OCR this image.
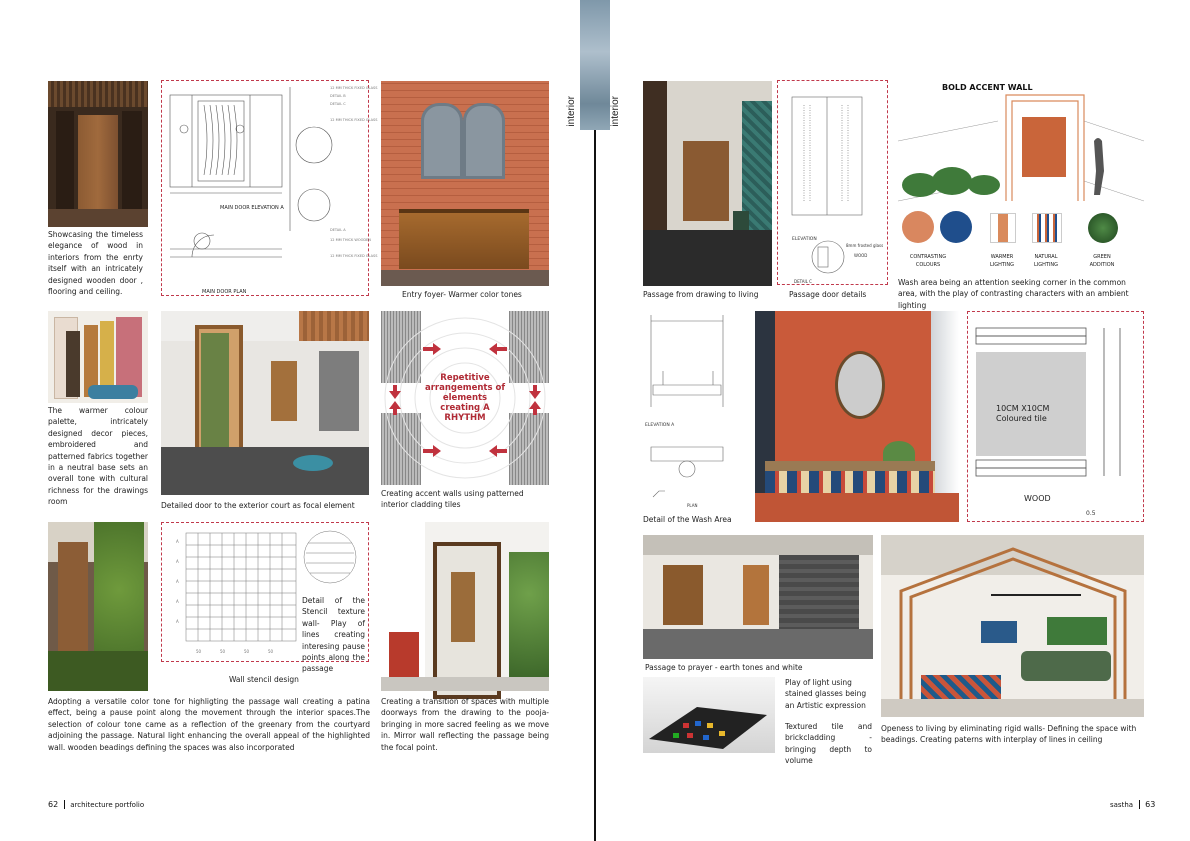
interior	interior
Showcasing the timeless elegance of wood in interiors from the enrty itself with an intricately designed wooden door , flooring and ceiling.
12 MM THICK FIXED GLASS
DETAIL B
DETAIL C
12 MM THICK FIXED GLASS
DETAIL A
12 MM THICK WOODEN
12 MM THICK FIXED GLASS
MAIN DOOR ELEVATION A
MAIN DOOR PLAN	Entry foyer- Warmer color tones
The warmer colour palette, intricately designed decor pieces, embroidered and patterned fabrics together in a neutral base sets an overall tone with cultural richness for the drawings room	Detailed door to the exterior court as focal element
Repetitive arrangements of elements creating A RHYTHM
Creating accent walls using patterned interior cladding tiles
A
A
A
A
A
50	50	50	50
Detail of the Stencil texture wall- Play of lines creating interesing pause points along the passage
Wall stencil design
Adopting a versatile color tone for highligting the passage wall creating a patina effect, being a pause point along the movement through the interior spaces.The selection of colour tone came as a reflection of the greenary from the courtyard adjoining the passage. Natural light enhancing the overall appeal of the highlighted wall. wooden beadings defining the spaces was also incorporated
Creating a transition of spaces with multiple doorways from the drawing to the pooja- bringing in more sacred feeling as we move in. Mirror wall reflecting the passage being the focal point.
62 architecture portfolio
Passage from drawing to living
ELEVATION
8mm frosted glass
WOOD
DETAIL C
Passage door details
BOLD ACCENT WALL
CONTRASTING COLOURS
WARMER LIGHTING
NATURAL LIGHTING
GREEN ADDITION
Wash area being an attention seeking corner in the common area, with the play of contrasting characters with an ambient lighting
ELEVATION A
PLAN
Detail of the Wash Area
10CM X10CM
Coloured tile
WOOD
0.5
Passage to prayer - earth tones and white
Play of light using stained glasses being an Artistic expression
Textured tile and brickcladding - bringing depth to volume
Openess to living by eliminating rigid walls- Defining the space with beadings. Creating paterns with interplay of lines in ceiling
sastha 63
